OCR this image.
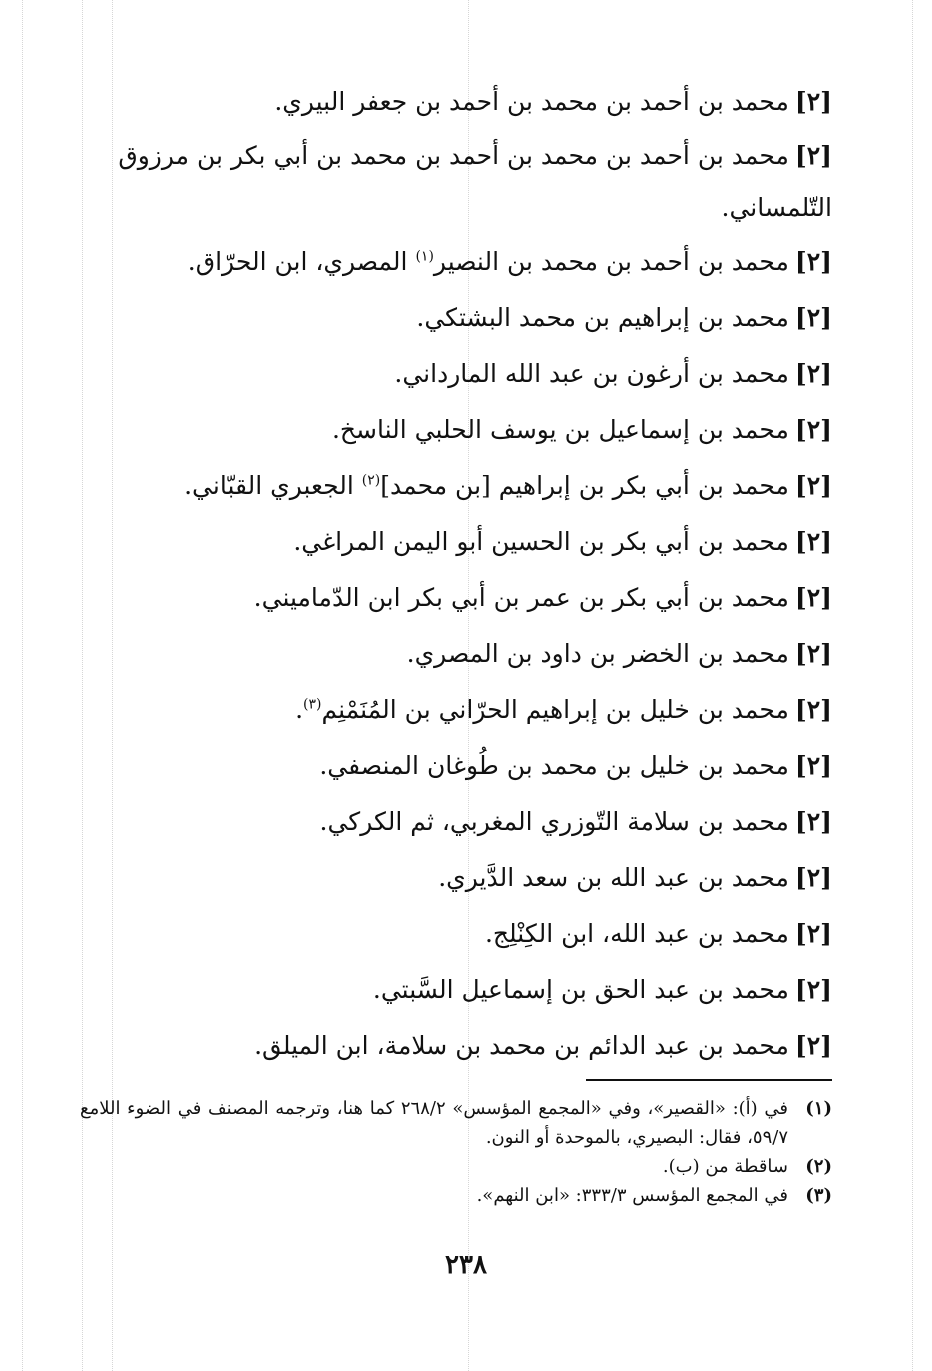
[٢]محمد بن أحمد بن محمد بن أحمد بن جعفر البيري.
[٢]محمد بن أحمد بن محمد بن أحمد بن محمد بن أبي بكر بن مرزوق التّلمساني.
[٢]محمد بن أحمد بن محمد بن النصير$^{(١)}$ المصري، ابن الحرّاق.
[٢]محمد بن إبراهيم بن محمد البشتكي.
[٢]محمد بن أرغون بن عبد الله المارداني.
[٢]محمد بن إسماعيل بن يوسف الحلبي الناسخ.
[٢]محمد بن أبي بكر بن إبراهيم [بن محمد]$^{(٢)}$ الجعبري القبّاني.
[٢]محمد بن أبي بكر بن الحسين أبو اليمن المراغي.
[٢]محمد بن أبي بكر بن عمر بن أبي بكر ابن الدّماميني.
[٢]محمد بن الخضر بن داود بن المصري.
[٢]محمد بن خليل بن إبراهيم الحرّاني بن المُنَمْنِم$^{(٣)}$.
[٢]محمد بن خليل بن محمد بن طُوغان المنصفي.
[٢]محمد بن سلامة التّوزري المغربي، ثم الكركي.
[٢]محمد بن عبد الله بن سعد الدَّيري.
[٢]محمد بن عبد الله، ابن الكِنْلِج.
[٢]محمد بن عبد الحق بن إسماعيل السَّبتي.
[٢]محمد بن عبد الدائم بن محمد بن سلامة، ابن الميلق.
(١)
في (أ): «القصير»، وفي «المجمع المؤسس» ٢٦٨/٢ كما هنا، وترجمه المصنف في الضوء اللامع ٥٩/٧، فقال: البصيري، بالموحدة أو النون.
(٢)
ساقطة من (ب).
(٣)
في المجمع المؤسس ٣٣٣/٣: «ابن النهم».
٢٣٨
